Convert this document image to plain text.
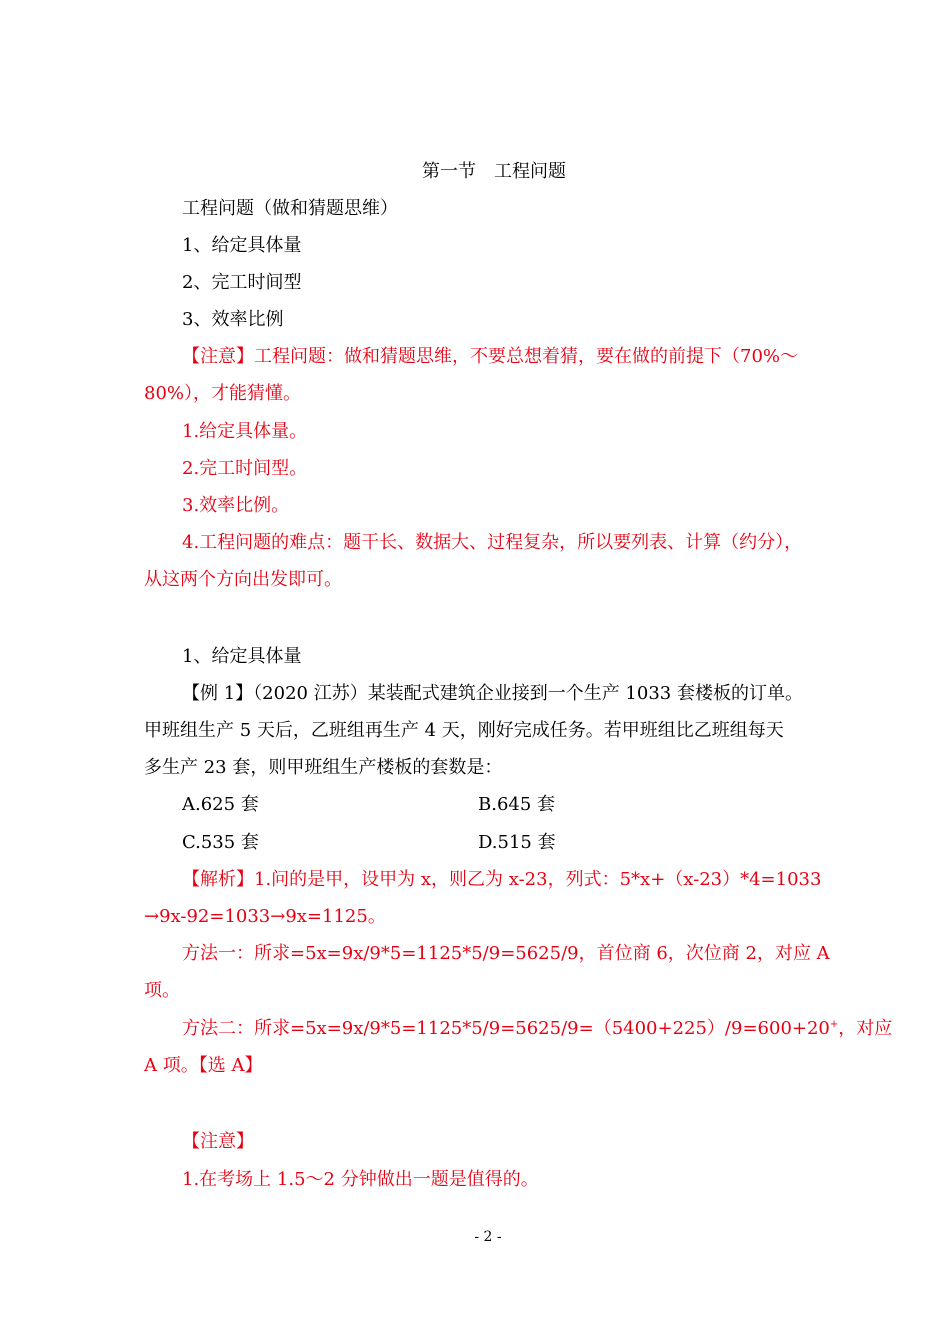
第一节 工程问题
工程问题（做和猜题思维）
1、给定具体量
2、完工时间型
3、效率比例
【注意】工程问题：做和猜题思维，不要总想着猜，要在做的前提下（70%～
80%），才能猜懂。
1.给定具体量。
2.完工时间型。
3.效率比例。
4.工程问题的难点：题干长、数据大、过程复杂，所以要列表、计算（约分），
从这两个方向出发即可。
1、给定具体量
【例 1】（2020 江苏）某装配式建筑企业接到一个生产 1033 套楼板的订单。
甲班组生产 5 天后，乙班组再生产 4 天，刚好完成任务。若甲班组比乙班组每天
多生产 23 套，则甲班组生产楼板的套数是：
A.625 套	B.645 套
C.535 套	D.515 套
【解析】1.问的是甲，设甲为 x，则乙为 x-23，列式：5*x+（x-23）*4=1033
→9x-92=1033→9x=1125。
方法一：所求=5x=9x/9*5=1125*5/9=5625/9，首位商 6，次位商 2，对应 A
项。
方法二：所求=5x=9x/9*5=1125*5/9=5625/9=（5400+225）/9=600+20+，对应
A 项。【选 A】
【注意】
1.在考场上 1.5～2 分钟做出一题是值得的。
- 2 -
